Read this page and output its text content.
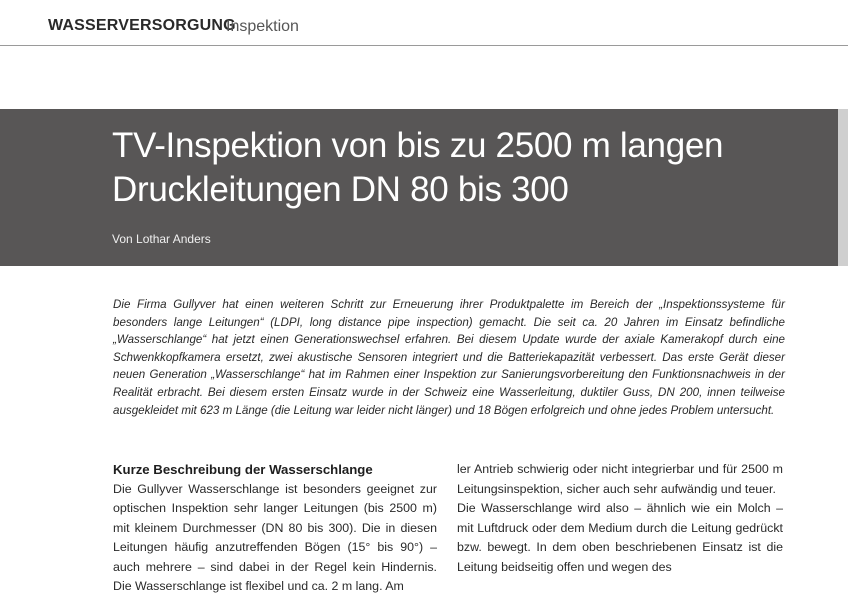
WASSERVERSORGUNG
Inspektion
TV-Inspektion von bis zu 2500 m langen Druckleitungen DN 80 bis 300
Von Lothar Anders

Die Firma Gullyver hat einen weiteren Schritt zur Erneuerung ihrer Produktpalette im Bereich der „Inspektionssysteme für besonders lange Leitungen“ (LDPI, long distance pipe inspection) gemacht. Die seit ca. 20 Jahren im Einsatz befindliche „Wasserschlange“ hat jetzt einen Generationswechsel erfahren. Bei diesem Update wurde der axiale Kamerakopf durch eine Schwenkkopfkamera ersetzt, zwei akustische Sensoren integriert und die Batteriekapazität verbessert. Das erste Gerät dieser neuen Generation „Wasserschlange“ hat im Rahmen einer Inspektion zur Sanierungsvorbereitung den Funktionsnachweis in der Realität erbracht. Bei diesem ersten Einsatz wurde in der Schweiz eine Wasserleitung, duktiler Guss, DN 200, innen teilweise ausgekleidet mit 623 m Länge (die Leitung war leider nicht länger) und 18 Bögen erfolgreich und ohne jedes Problem untersucht.

Kurze Beschreibung der Wasserschlange

Die Gullyver Wasserschlange ist besonders geeignet zur optischen Inspektion sehr langer Leitungen (bis 2500 m) mit kleinem Durchmesser (DN 80 bis 300). Die in diesen Leitungen häufig anzutreffenden Bögen (15° bis 90°) – auch mehrere – sind dabei in der Regel kein Hindernis. Die Wasserschlange ist flexibel und ca. 2 m lang. Am

ler Antrieb schwierig oder nicht integrierbar und für 2500 m Leitungsinspektion, sicher auch sehr aufwändig und teuer.

Die Wasserschlange wird also – ähnlich wie ein Molch – mit Luftdruck oder dem Medium durch die Leitung gedrückt bzw. bewegt. In dem oben beschriebenen Einsatz ist die Leitung beidseitig offen und wegen des
